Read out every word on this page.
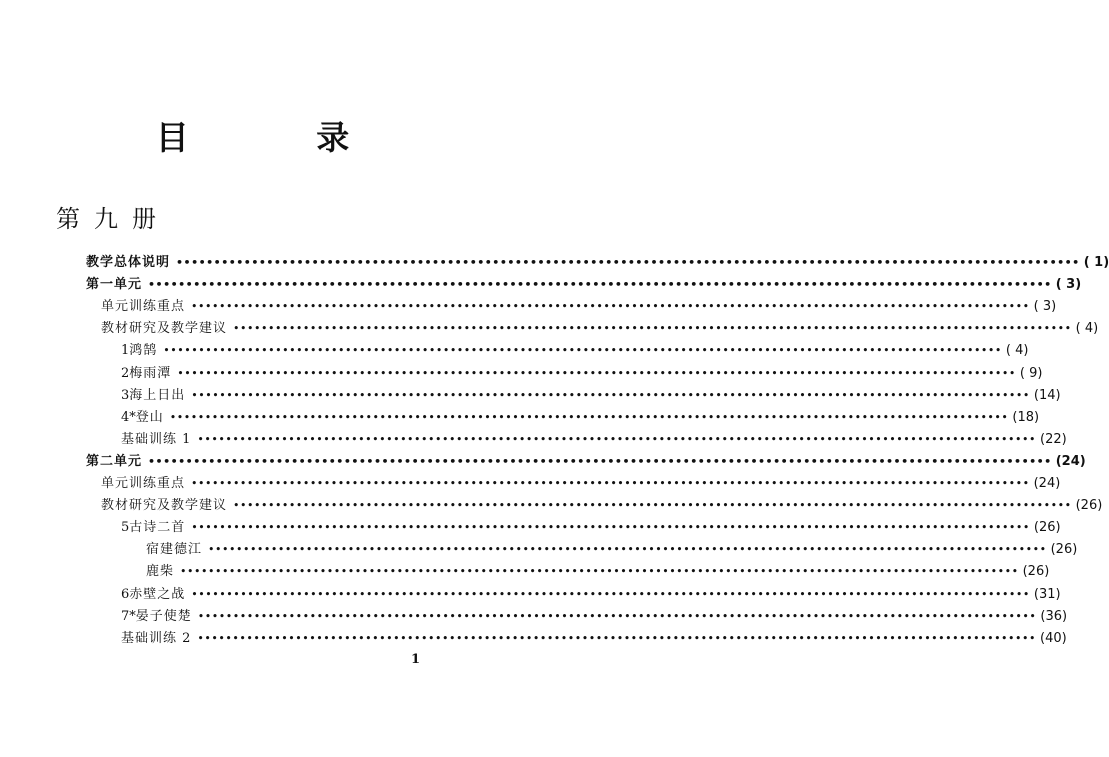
目 录
第九册
教学总体说明 •••••••••••••••••••••••••••••••••••••••••••••••••••••••••••••••••••••••••••••••••••••••••••••••••••••••••••••••••••••••• ( 1)
第一单元 •••••••••••••••••••••••••••••••••••••••••••••••••••••••••••••••••••••••••••••••••••••••••••••••••••••••••••••••••••••••• ( 3)
单元训练重点 •••••••••••••••••••••••••••••••••••••••••••••••••••••••••••••••••••••••••••••••••••••••••••••••••••••••••••••••••••••••• ( 3)
教材研究及教学建议 •••••••••••••••••••••••••••••••••••••••••••••••••••••••••••••••••••••••••••••••••••••••••••••••••••••••••••••••••••••••• ( 4)
1 鸿鹄 •••••••••••••••••••••••••••••••••••••••••••••••••••••••••••••••••••••••••••••••••••••••••••••••••••••••••••••••••••••••• ( 4)
2 梅雨潭 •••••••••••••••••••••••••••••••••••••••••••••••••••••••••••••••••••••••••••••••••••••••••••••••••••••••••••••••••••••••• ( 9)
3 海上日出 •••••••••••••••••••••••••••••••••••••••••••••••••••••••••••••••••••••••••••••••••••••••••••••••••••••••••••••••••••••••• (14)
4* 登山 •••••••••••••••••••••••••••••••••••••••••••••••••••••••••••••••••••••••••••••••••••••••••••••••••••••••••••••••••••••••• (18)
基础训练 1 •••••••••••••••••••••••••••••••••••••••••••••••••••••••••••••••••••••••••••••••••••••••••••••••••••••••••••••••••••••••• (22)
第二单元 •••••••••••••••••••••••••••••••••••••••••••••••••••••••••••••••••••••••••••••••••••••••••••••••••••••••••••••••••••••••• (24)
单元训练重点 •••••••••••••••••••••••••••••••••••••••••••••••••••••••••••••••••••••••••••••••••••••••••••••••••••••••••••••••••••••••• (24)
教材研究及教学建议 •••••••••••••••••••••••••••••••••••••••••••••••••••••••••••••••••••••••••••••••••••••••••••••••••••••••••••••••••••••••• (26)
5 古诗二首 •••••••••••••••••••••••••••••••••••••••••••••••••••••••••••••••••••••••••••••••••••••••••••••••••••••••••••••••••••••••• (26)
宿建德江 •••••••••••••••••••••••••••••••••••••••••••••••••••••••••••••••••••••••••••••••••••••••••••••••••••••••••••••••••••••••• (26)
鹿柴 •••••••••••••••••••••••••••••••••••••••••••••••••••••••••••••••••••••••••••••••••••••••••••••••••••••••••••••••••••••••• (26)
6 赤壁之战 •••••••••••••••••••••••••••••••••••••••••••••••••••••••••••••••••••••••••••••••••••••••••••••••••••••••••••••••••••••••• (31)
7* 晏子使楚 •••••••••••••••••••••••••••••••••••••••••••••••••••••••••••••••••••••••••••••••••••••••••••••••••••••••••••••••••••••••• (36)
基础训练 2 •••••••••••••••••••••••••••••••••••••••••••••••••••••••••••••••••••••••••••••••••••••••••••••••••••••••••••••••••••••••• (40)
1
